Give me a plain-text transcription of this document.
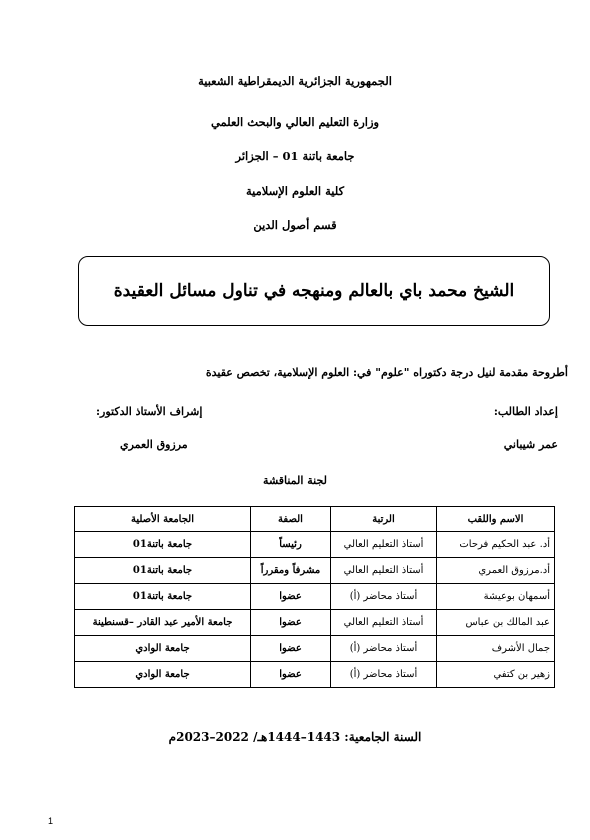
الجمهورية الجزائرية الديمقراطية الشعبية
وزارة التعليم العالي والبحث العلمي
جامعة باتنة 01 – الجزائر
كلية العلوم الإسلامية
قسم أصول الدين
الشيخ محمد باي بالعالم ومنهجه في تناول مسائل العقيدة
أطروحة مقدمة لنيل درجة دكتوراه "علوم" في: العلوم الإسلامية، تخصص عقيدة
إعداد الطالب:
إشراف الأستاذ الدكتور:
عمر شيباني
مرزوق العمري
لجنة المناقشة
الاسم واللقب	الرتبة	الصفة	الجامعة الأصلية
أد. عبد الحكيم فرحات	أستاذ التعليم العالي	رئيساً	جامعة باتنة01
أد.مرزوق العمري	أستاذ التعليم العالي	مشرفاً ومقرراً	جامعة باتنة01
أسمهان بوعيشة	أستاذ محاضر (أ)	عضوا	جامعة باتنة01
عبد المالك بن عباس	أستاذ التعليم العالي	عضوا	جامعة الأمير عبد القادر –قسنطينة
جمال الأشرف	أستاذ محاضر (أ)	عضوا	جامعة الوادي
زهير بن كتفي	أستاذ محاضر (أ)	عضوا	جامعة الوادي
السنة الجامعية: 1443–1444هـ/ 2022–2023م
1
